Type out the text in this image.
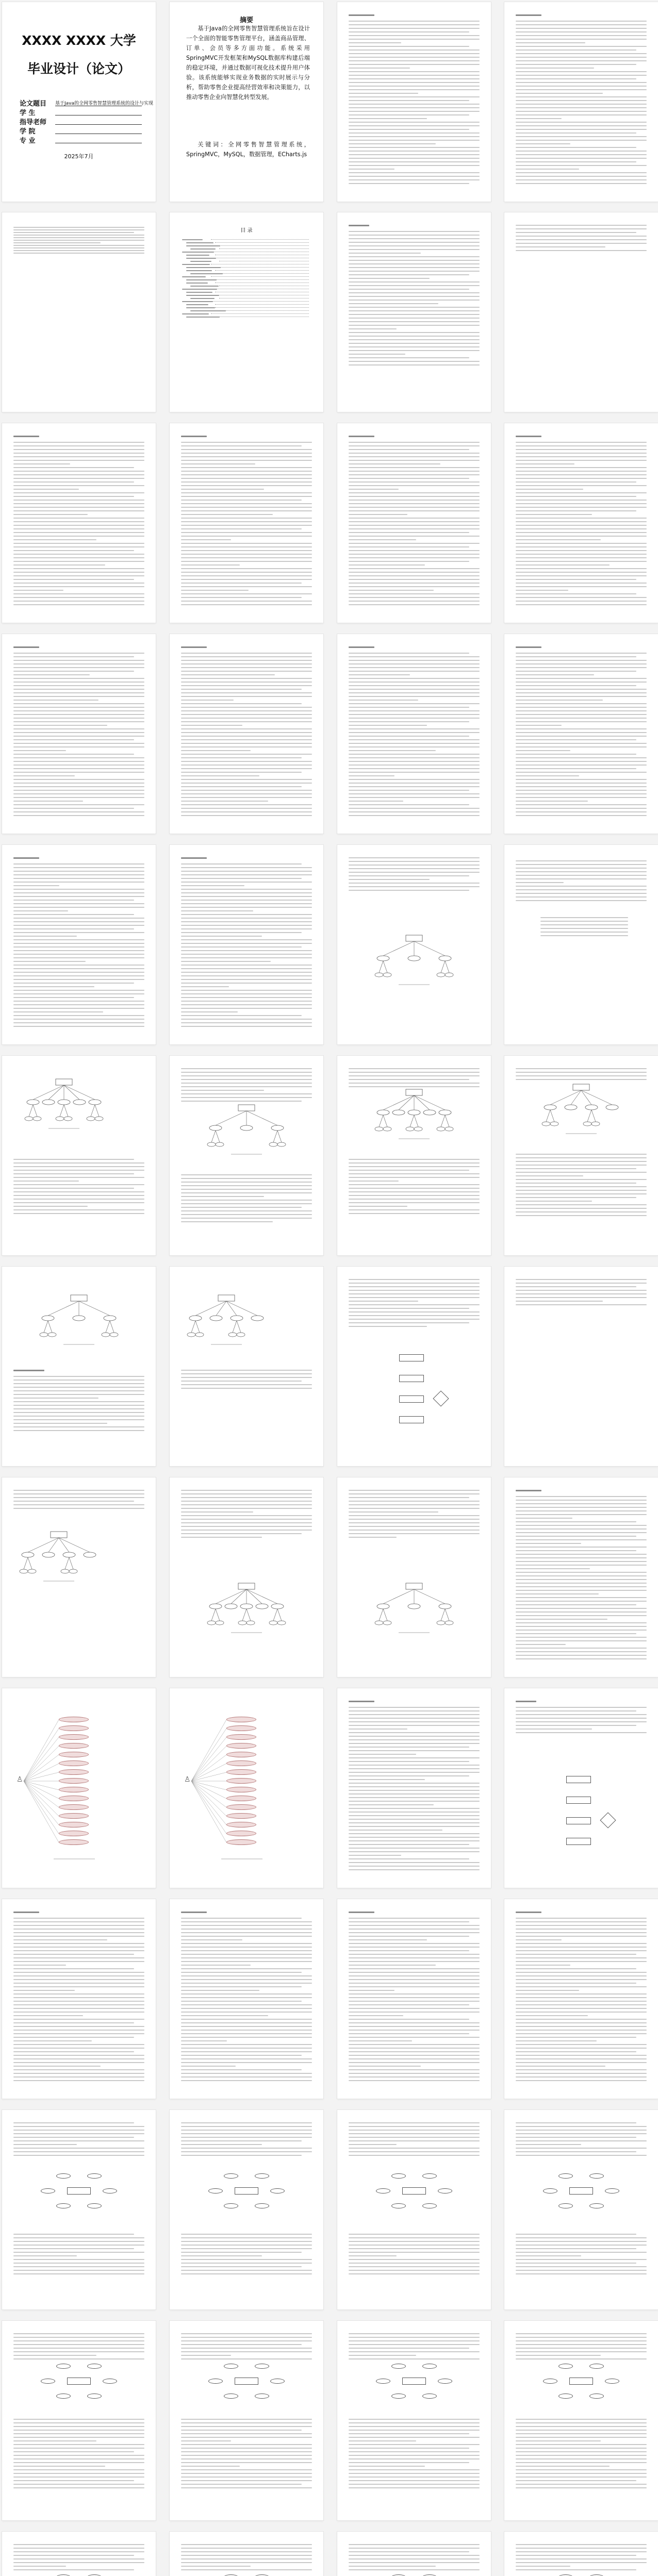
XXXX XXXX 大学
毕业设计（论文）
论文题目
学 生
指导老师
学 院
专 业
基于Java的全网零售智慧管理系统的设计与实现
2025年7月
摘要
基于Java的全网零售智慧管理系统旨在设计一个全面的智能零售管理平台，涵盖商品管理、订单、会员等多方面功能。系统采用SpringMVC开发框架和MySQL数据库构建后端的稳定环境，并通过数据可视化技术提升用户体验。该系统能够实现业务数据的实时展示与分析，帮助零售企业提高经营效率和决策能力，以推动零售企业向智慧化转型发展。
关键词：全网零售智慧管理系统，SpringMVC，MySQL，数据管理，ECharts.js
目 录
♙	♙
